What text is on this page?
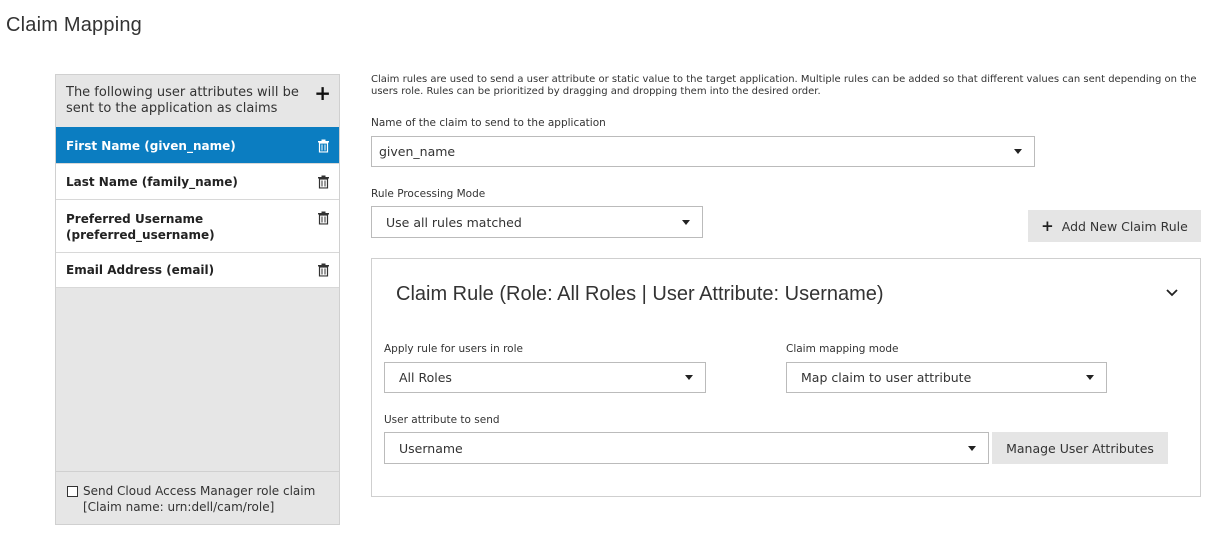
Claim Mapping
The following user attributes will be sent to the application as claims
+
First Name (given_name)
Last Name (family_name)
Preferred Username (preferred_username)
Email Address (email)
Send Cloud Access Manager role claim [Claim name: urn:dell/cam/role]
Claim rules are used to send a user attribute or static value to the target application. Multiple rules can be added so that different values can sent depending on the users role. Rules can be prioritized by dragging and dropping them into the desired order.
Name of the claim to send to the application
given_name
Rule Processing Mode
Use all rules matched	+ Add New Claim Rule
Claim Rule (Role: All Roles | User Attribute: Username)
Apply rule for users in role
All Roles
Claim mapping mode
Map claim to user attribute
User attribute to send
Username	Manage User Attributes
